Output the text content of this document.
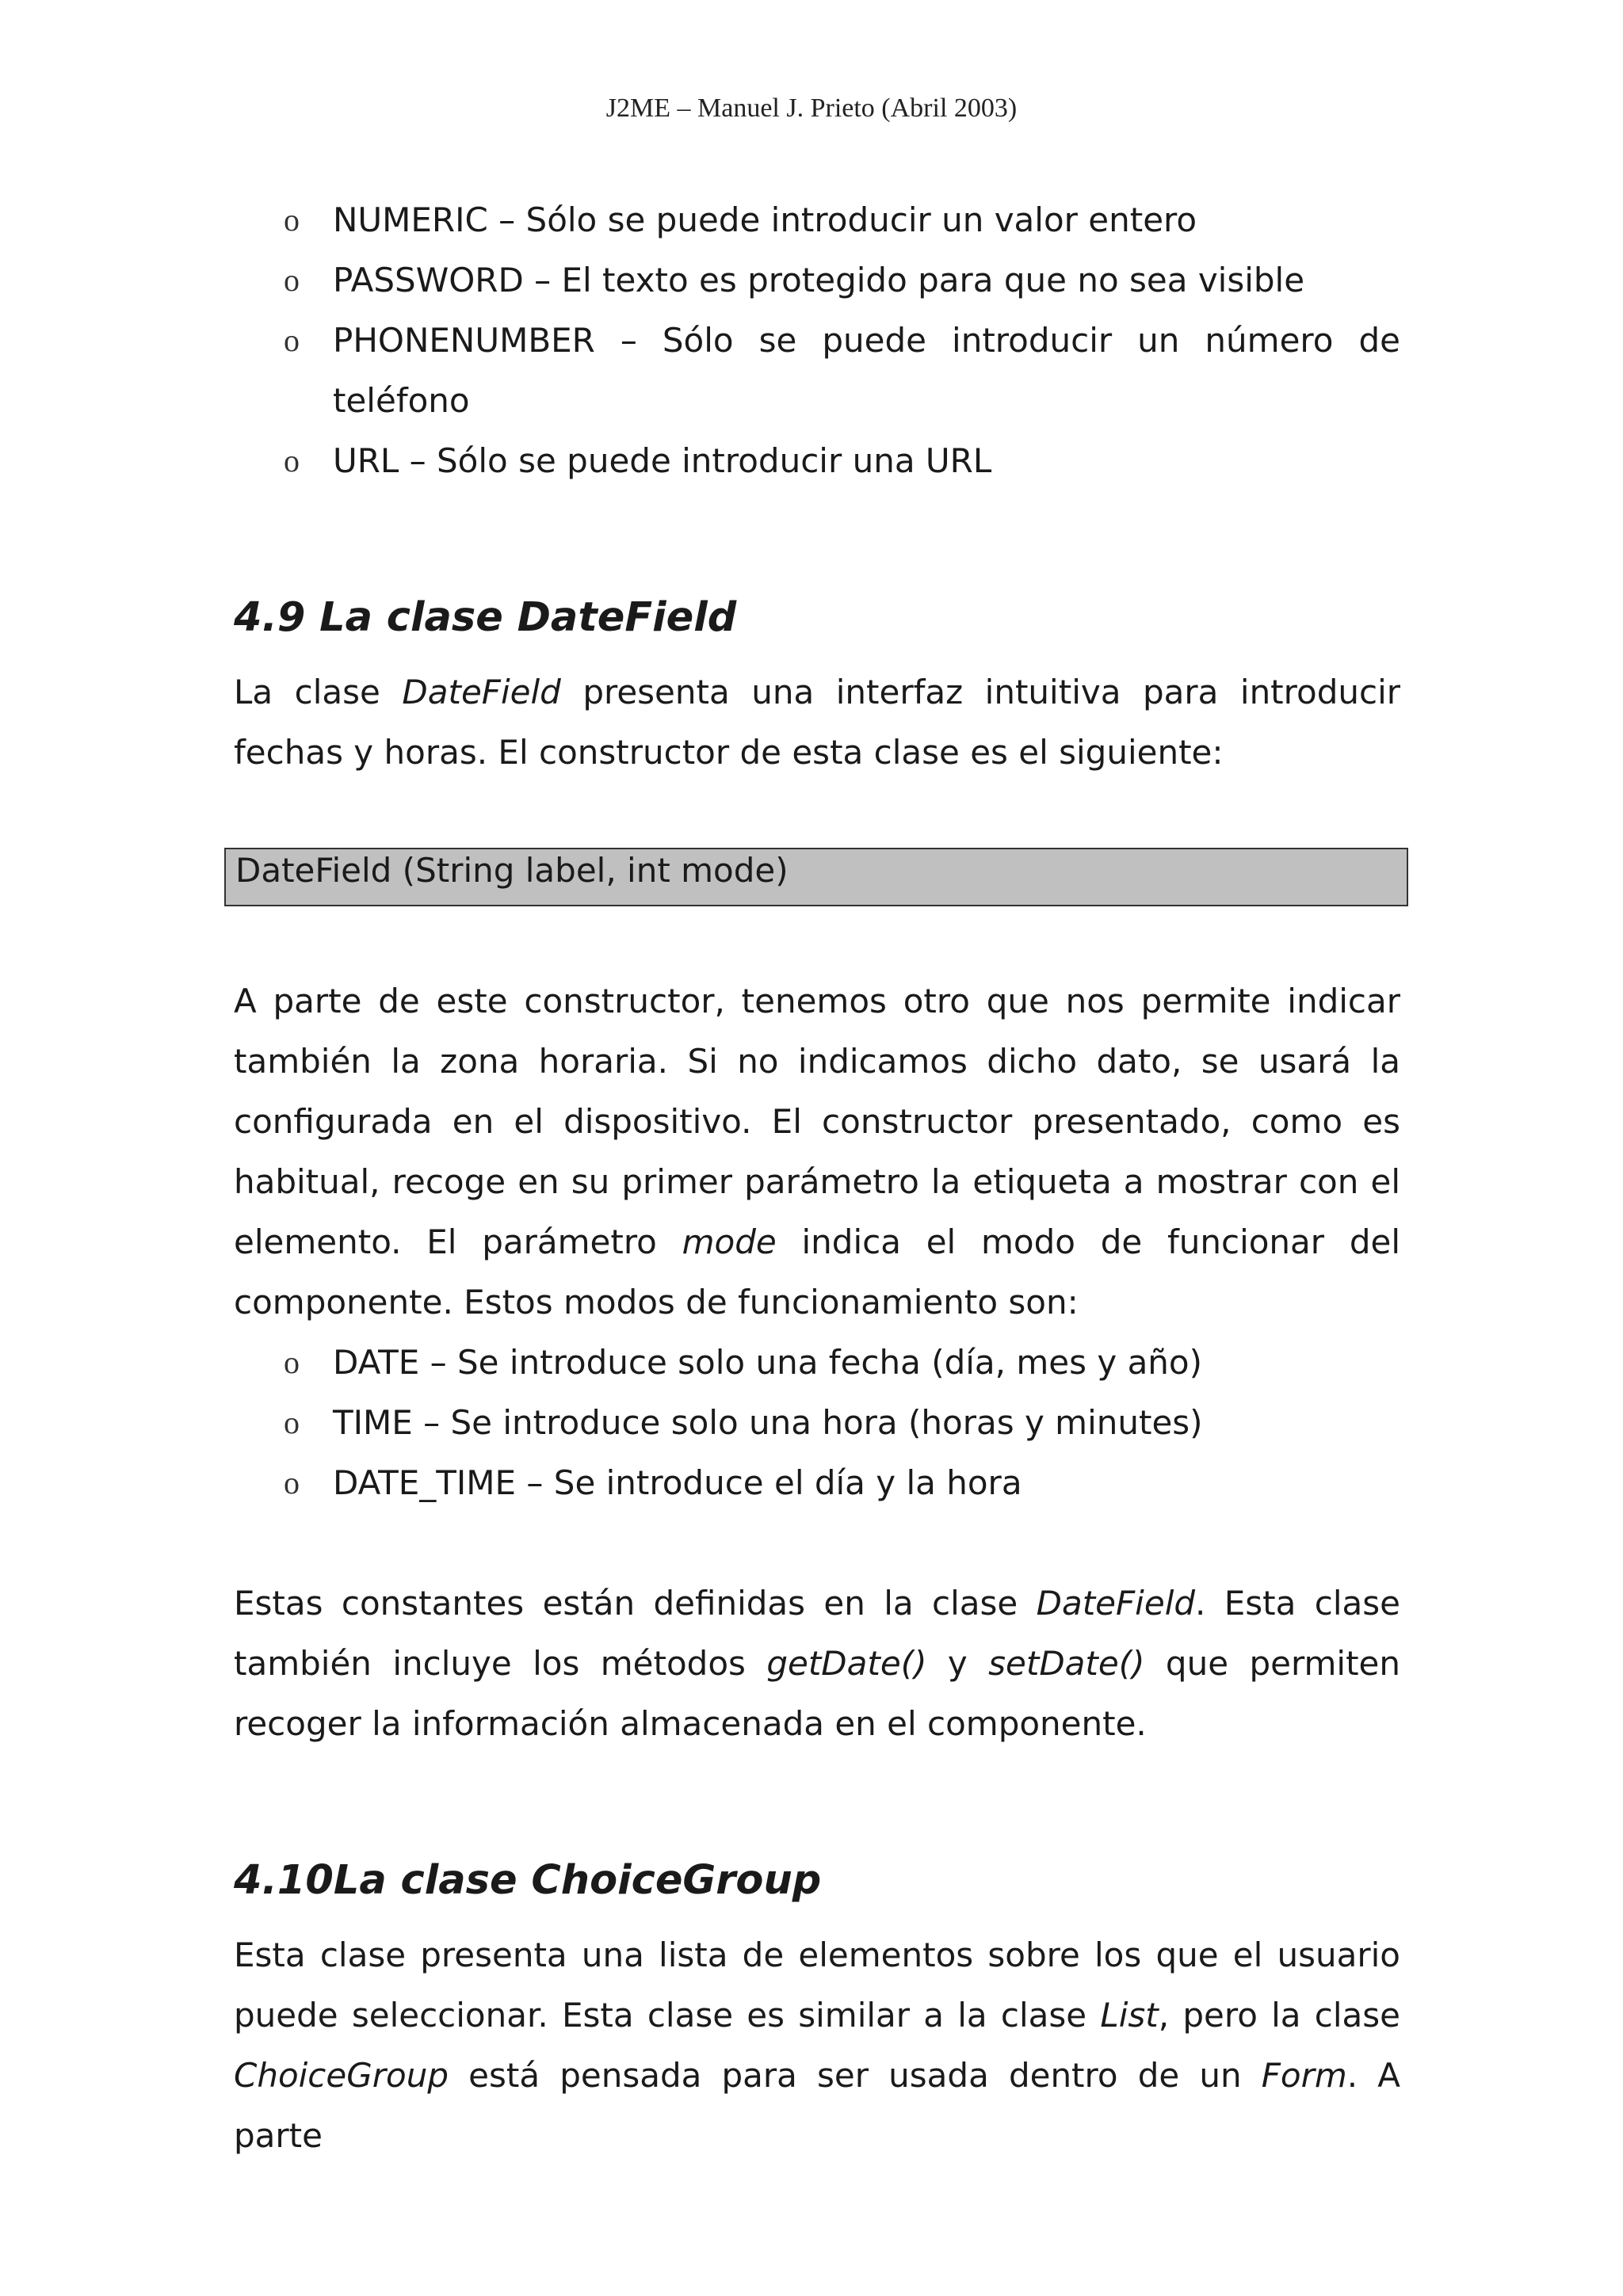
J2ME – Manuel J. Prieto (Abril 2003)
o NUMERIC – Sólo se puede introducir un valor entero
o PASSWORD – El texto es protegido para que no sea visible
o PHONENUMBER – Sólo se puede introducir un número de teléfono
o URL – Sólo se puede introducir una URL
4.9 La clase DateField

La clase DateField presenta una interfaz intuitiva para introducir fechas y horas. El constructor de esta clase es el siguiente:

DateField (String label, int mode)

A parte de este constructor, tenemos otro que nos permite indicar también la zona horaria. Si no indicamos dicho dato, se usará la configurada en el dispositivo. El constructor presentado, como es habitual, recoge en su primer parámetro la etiqueta a mostrar con el elemento. El parámetro mode indica el modo de funcionar del componente. Estos modos de funcionamiento son:

o DATE – Se introduce solo una fecha (día, mes y año)
o TIME – Se introduce solo una hora (horas y minutes)
o DATE_TIME – Se introduce el día y la hora

Estas constantes están definidas en la clase DateField. Esta clase también incluye los métodos getDate() y setDate() que permiten recoger la información almacenada en el componente.

4.10La clase ChoiceGroup

Esta clase presenta una lista de elementos sobre los que el usuario puede seleccionar. Esta clase es similar a la clase List, pero la clase ChoiceGroup está pensada para ser usada dentro de un Form. A parte
